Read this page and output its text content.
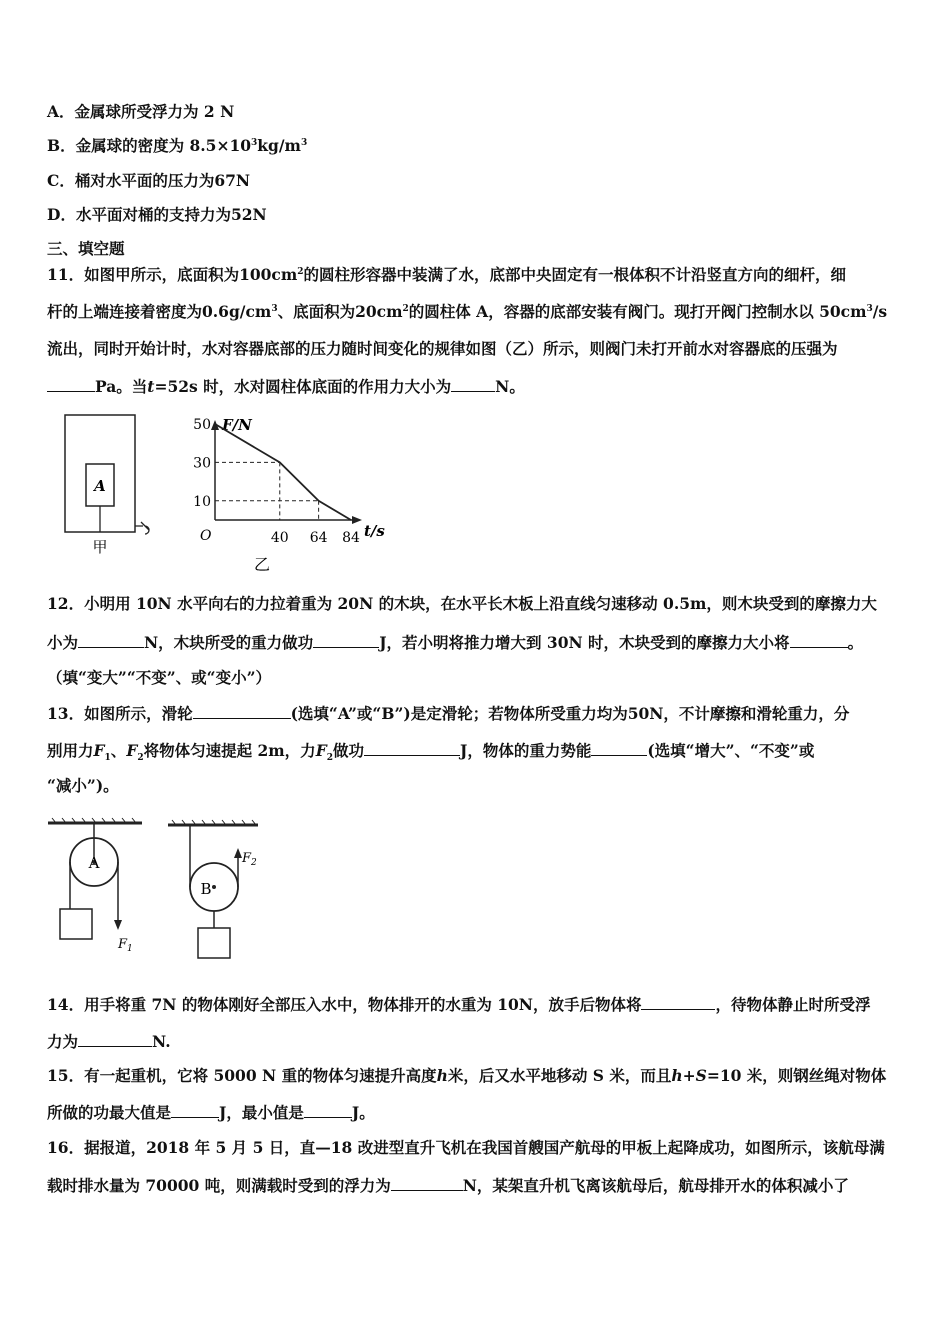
A．金属球所受浮力为 2 N
B．金属球的密度为 $8.5\times 10^3kg/m^3$
C．桶对水平面的压力为67N
D．水平面对桶的支持力为52N
三、填空题
11．如图甲所示，底面积为$100cm^2$的圆柱形容器中装满了水，底部中央固定有一根体积不计沿竖直方向的细杆，细
杆的上端连接着密度为$0.6g/cm^3$、底面积为$20cm^2$的圆柱体 A，容器的底部安装有阀门。现打开阀门控制水以 $50cm^3/s$
流出，同时开始计时，水对容器底部的压力随时间变化的规律如图（乙）所示，则阀门未打开前水对容器底的压强为
Pa。当t=52s 时，水对圆柱体底面的作用力大小为	N。
A
甲
F/N
t/s
O
乙
50
30
10
40 64 84
12．小明用 10N 水平向右的力拉着重为 20N 的木块，在水平长木板上沿直线匀速移动 0.5m，则木块受到的摩擦力大
小为	N，木块所受的重力做功	J，若小明将推力增大到 30N 时，木块受到的摩擦力大小将	。
（填“变大”“不变”、或“变小”）
13．如图所示，滑轮	(选填“A”或“B”)是定滑轮；若物体所受重力均为50N，不计摩擦和滑轮重力，分
别用力$F_1$、$F_2$将物体匀速提起 2m，力$F_2$做功	J，物体的重力势能	(选填“增大”、“不变”或
“减小”)。
A
$F_1$
B
$F_2$
14．用手将重 7N 的物体刚好全部压入水中，物体排开的水重为 10N，放手后物体将	，待物体静止时所受浮
力为	N.
15．有一起重机，它将 5000 N 重的物体匀速提升高度h米，后又水平地移动 S 米，而且h+S=10 米，则钢丝绳对物体
所做的功最大值是	J，最小值是	J。
16．据报道，2018 年 5 月 5 日，直—18 改进型直升飞机在我国首艘国产航母的甲板上起降成功，如图所示，该航母满
载时排水量为 70000 吨，则满载时受到的浮力为	N，某架直升机飞离该航母后，航母排开水的体积减小了
